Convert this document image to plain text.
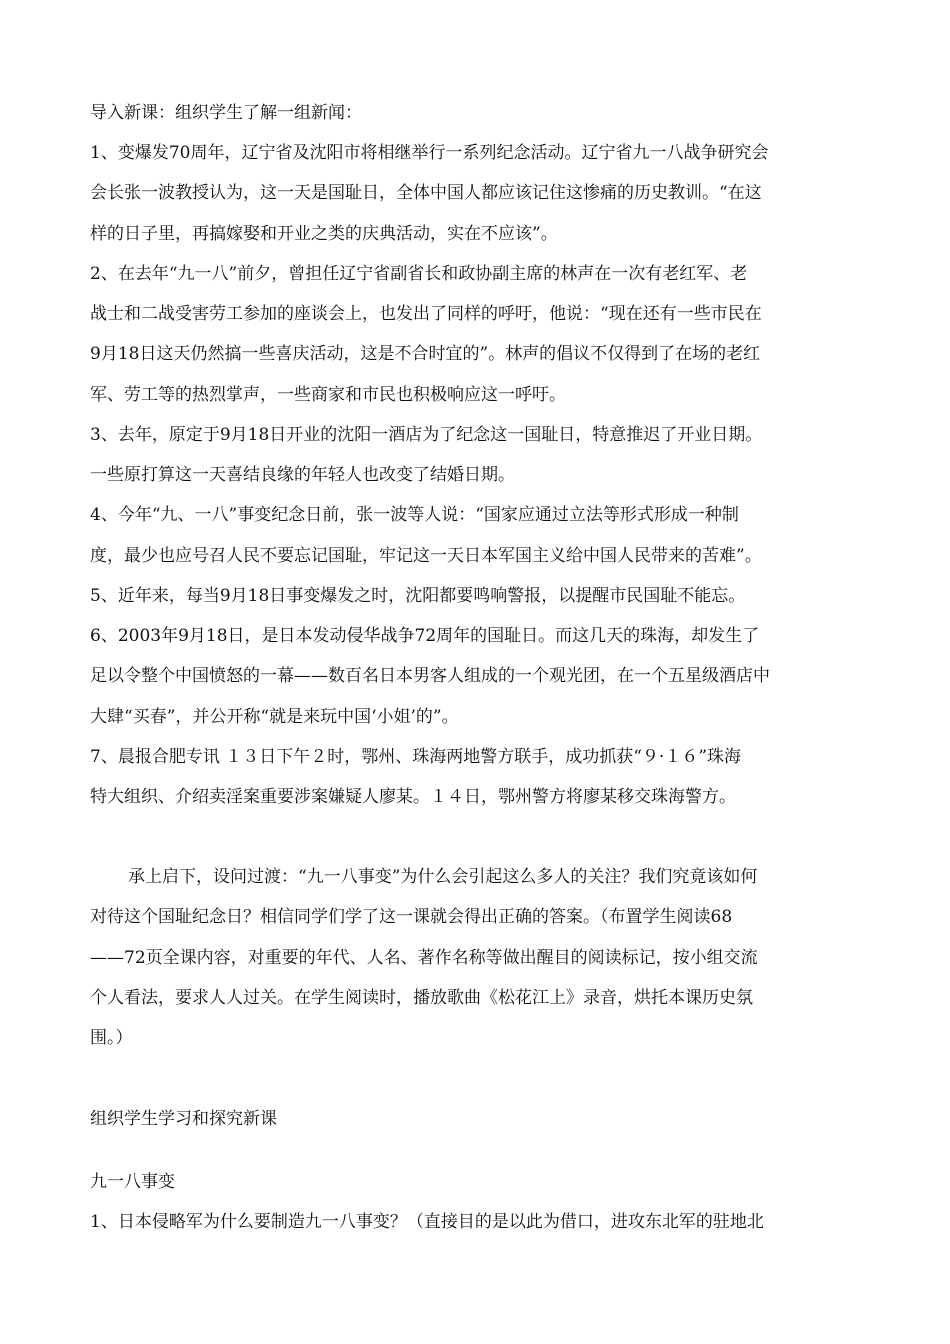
导入新课：组织学生了解一组新闻：
1、变爆发70周年，辽宁省及沈阳市将相继举行一系列纪念活动。辽宁省九一八战争研究会
会长张一波教授认为，这一天是国耻日，全体中国人都应该记住这惨痛的历史教训。“在这
样的日子里，再搞嫁娶和开业之类的庆典活动，实在不应该”。
2、在去年“九一八”前夕，曾担任辽宁省副省长和政协副主席的林声在一次有老红军、老
战士和二战受害劳工参加的座谈会上，也发出了同样的呼吁，他说：“现在还有一些市民在
9月18日这天仍然搞一些喜庆活动，这是不合时宜的”。林声的倡议不仅得到了在场的老红
军、劳工等的热烈掌声，一些商家和市民也积极响应这一呼吁。
3、去年，原定于9月18日开业的沈阳一酒店为了纪念这一国耻日，特意推迟了开业日期。
一些原打算这一天喜结良缘的年轻人也改变了结婚日期。
4、今年“九、一八”事变纪念日前，张一波等人说：“国家应通过立法等形式形成一种制
度，最少也应号召人民不要忘记国耻，牢记这一天日本军国主义给中国人民带来的苦难”。
5、近年来，每当9月18日事变爆发之时，沈阳都要鸣响警报，以提醒市民国耻不能忘。
6、2003年9月18日，是日本发动侵华战争72周年的国耻日。而这几天的珠海，却发生了
足以令整个中国愤怒的一幕——数百名日本男客人组成的一个观光团，在一个五星级酒店中
大肆“买春”，并公开称“就是来玩中国‘小姐’的”。
7、晨报合肥专讯 １３日下午２时，鄂州、珠海两地警方联手，成功抓获“９·１６”珠海
特大组织、介绍卖淫案重要涉案嫌疑人廖某。１４日，鄂州警方将廖某移交珠海警方。
承上启下，设问过渡：“九一八事变”为什么会引起这么多人的关注？我们究竟该如何
对待这个国耻纪念日？相信同学们学了这一课就会得出正确的答案。（布置学生阅读68
——72页全课内容，对重要的年代、人名、著作名称等做出醒目的阅读标记，按小组交流
个人看法，要求人人过关。在学生阅读时，播放歌曲《松花江上》录音，烘托本课历史氛
围。）
组织学生学习和探究新课
九一八事变
1、日本侵略军为什么要制造九一八事变？（直接目的是以此为借口，进攻东北军的驻地北
